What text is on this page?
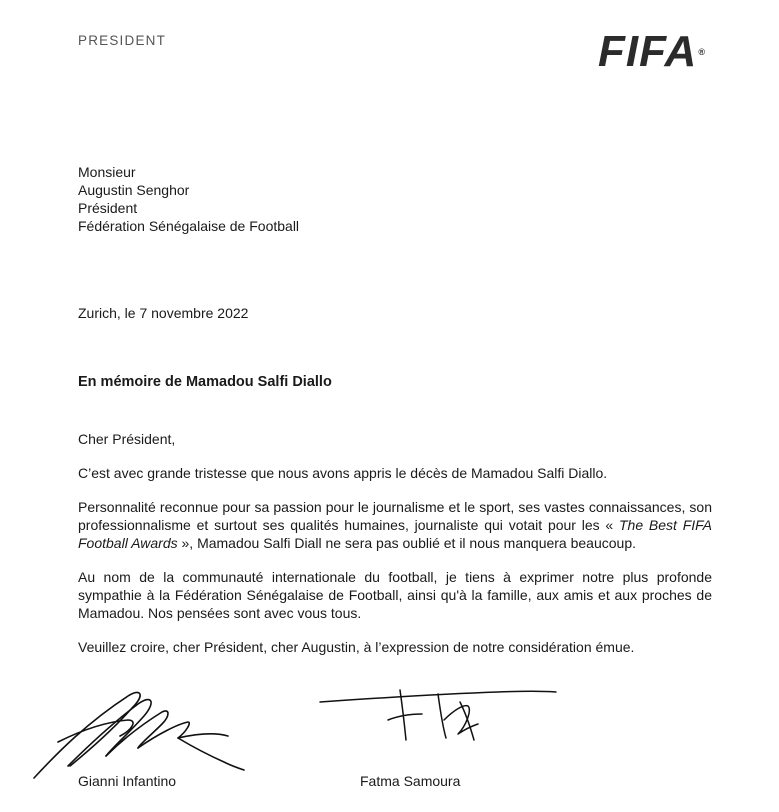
PRESIDENT	FIFA®
Monsieur
Augustin Senghor
Président
Fédération Sénégalaise de Football
Zurich, le 7 novembre 2022
En mémoire de Mamadou Salfi Diallo

Cher Président,

C’est avec grande tristesse que nous avons appris le décès de Mamadou Salfi Diallo.

Personnalité reconnue pour sa passion pour le journalisme et le sport, ses vastes connaissances, son professionnalisme et surtout ses qualités humaines, journaliste qui votait pour les « The Best FIFA Football Awards », Mamadou Salfi Diall ne sera pas oublié et il nous manquera beaucoup.

Au nom de la communauté internationale du football, je tiens à exprimer notre plus profonde sympathie à la Fédération Sénégalaise de Football, ainsi qu'à la famille, aux amis et aux proches de Mamadou. Nos pensées sont avec vous tous.

Veuillez croire, cher Président, cher Augustin, à l’expression de notre considération émue.

Gianni Infantino	Fatma Samoura
